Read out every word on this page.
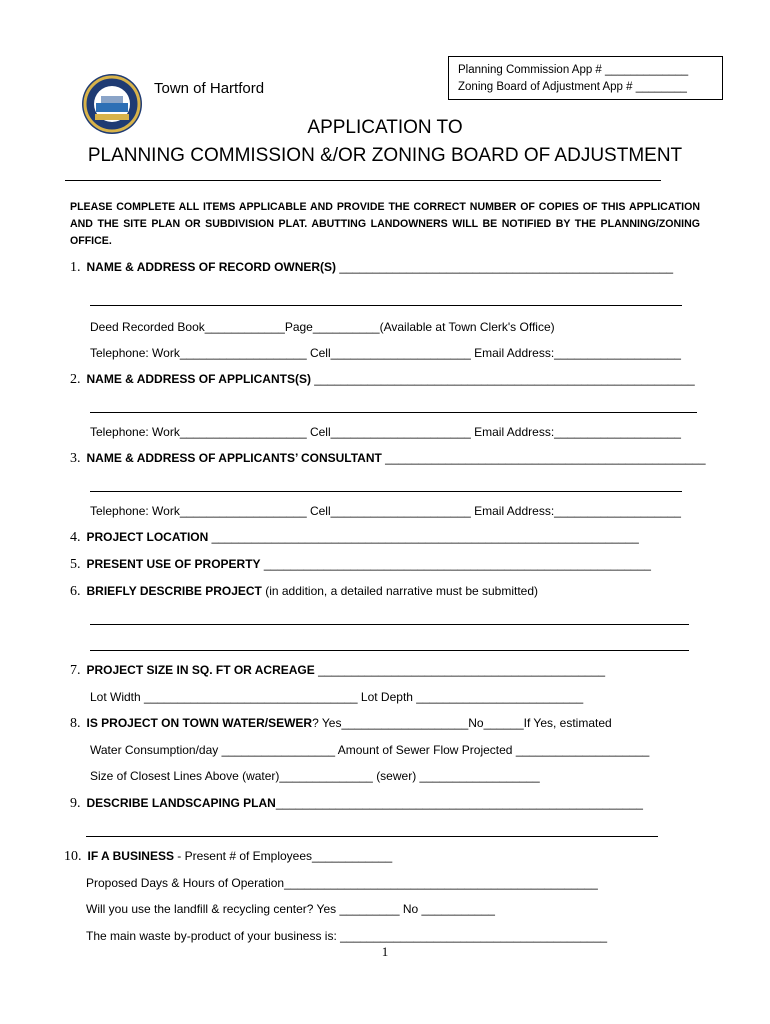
Town of Hartford
Planning Commission App # _____________
Zoning Board of Adjustment App # ________
APPLICATION TO
PLANNING COMMISSION &/OR ZONING BOARD OF ADJUSTMENT
PLEASE COMPLETE ALL ITEMS APPLICABLE AND PROVIDE THE CORRECT NUMBER OF COPIES OF THIS APPLICATION AND THE SITE PLAN OR SUBDIVISION PLAT. ABUTTING LANDOWNERS WILL BE NOTIFIED BY THE PLANNING/ZONING OFFICE.
1. NAME & ADDRESS OF RECORD OWNER(S) __________________________________________________
Deed Recorded Book____________Page__________(Available at Town Clerk's Office)
Telephone: Work___________________ Cell_____________________ Email Address:___________________
2. NAME & ADDRESS OF APPLICANTS(S) _________________________________________________________
Telephone: Work___________________ Cell_____________________ Email Address:___________________
3. NAME & ADDRESS OF APPLICANTS’ CONSULTANT ________________________________________________
Telephone: Work___________________ Cell_____________________ Email Address:___________________
4. PROJECT LOCATION ________________________________________________________________
5. PRESENT USE OF PROPERTY __________________________________________________________
6. BRIEFLY DESCRIBE PROJECT (in addition, a detailed narrative must be submitted)
7. PROJECT SIZE IN SQ. FT OR ACREAGE ___________________________________________
Lot Width ________________________________ Lot Depth _________________________
8. IS PROJECT ON TOWN WATER/SEWER? Yes___________________No______If Yes, estimated
Water Consumption/day _________________ Amount of Sewer Flow Projected ____________________
Size of Closest Lines Above (water)______________ (sewer) __________________
9. DESCRIBE LANDSCAPING PLAN_______________________________________________________
10. IF A BUSINESS - Present # of Employees____________
Proposed Days & Hours of Operation_______________________________________________
Will you use the landfill & recycling center? Yes _________ No ___________
The main waste by-product of your business is: ________________________________________
1
